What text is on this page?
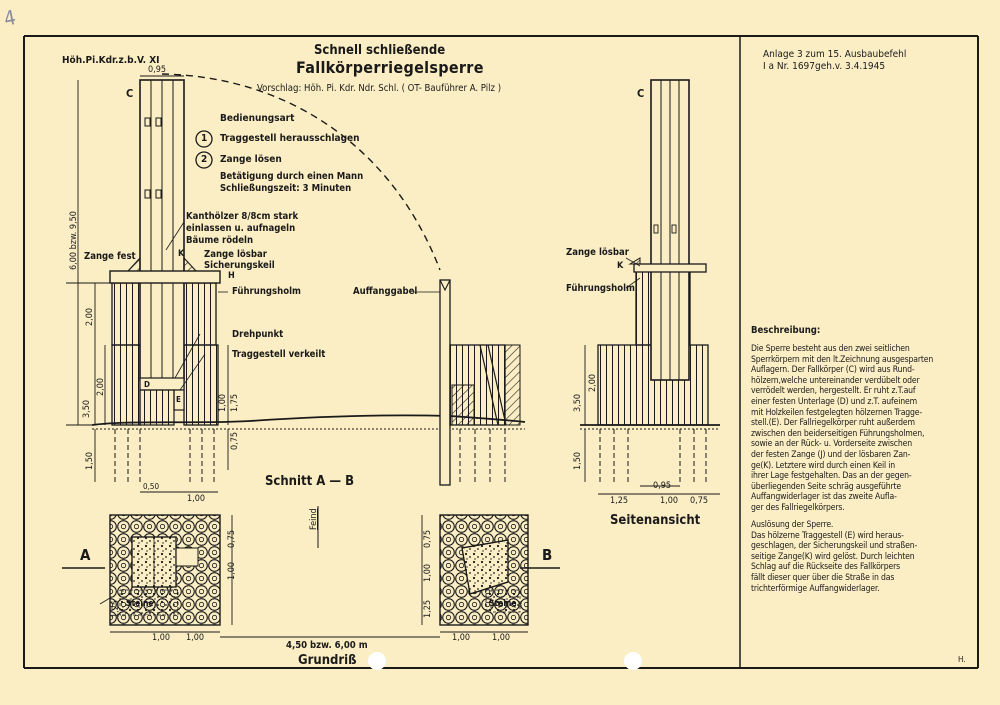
Höh.Pi.Kdr.z.b.V. XI
Schnell schließende
Fallkörperriegelsperre
Vorschlag: Höh. Pi. Kdr. Ndr. Schl. ( OT- Bauführer A. Pilz )
Anlage 3 zum 15. Ausbaubefehl
I a Nr. 1697geh.v. 3.4.1945
Bedienungsart
1 Traggestell herausschlagen
2 Zange lösen
Betätigung durch einen Mann
Schließungszeit: 3 Minuten
C
Kanthölzer 8/8cm stark
einlassen u. aufnageln
Bäume rödeln
Zange fest	K Zange lösbar
Sicherungskeil
H
Führungsholm
Drehpunkt
Traggestell verkeilt
D
E
Auffanggabel
Schnitt A — B
Feind
C
Zange lösbar
K
Führungsholm
Seitenansicht
A	B
Steine	Steine
Grundriß
4,50 bzw. 6,00 m
0,95
6,00 bzw. 9,50
2,00
3,50
2,00
1,50
1,00 1,75
0,75
0,50
1,00
3,50
2,00
1,50
1,25
0,95
1,00 0,75
0,75
1,00
1,25
1,00 1,00
0,75
1,00
1,25
1,00 1,00
Beschreibung:
Die Sperre besteht aus den zwei seitlichen
Sperrkörpern mit den lt.Zeichnung ausgesparten
Auflagern. Der Fallkörper (C) wird aus Rund-
hölzern,welche untereinander verdübelt oder
verrödelt werden, hergestellt. Er ruht z.T.auf
einer festen Unterlage (D) und z.T. aufeinem
mit Holzkeilen festgelegten hölzernen Tragge-
stell.(E). Der Fallriegelkörper ruht außerdem
zwischen den beiderseitigen Führungsholmen,
sowie an der Rück- u. Vorderseite zwischen
der festen Zange (J) und der lösbaren Zan-
ge(K). Letztere wird durch einen Keil in
ihrer Lage festgehalten. Das an der gegen-
überliegenden Seite schräg ausgeführte
Auffangwiderlager ist das zweite Aufla-
ger des Fallriegelkörpers.
Auslösung der Sperre.
Das hölzerne Traggestell (E) wird heraus-
geschlagen, der Sicherungskeil und straßen-
seitige Zange(K) wird gelöst. Durch leichten
Schlag auf die Rückseite des Fallkörpers
fällt dieser quer über die Straße in das
trichterförmige Auffangwiderlager.
H.
4
